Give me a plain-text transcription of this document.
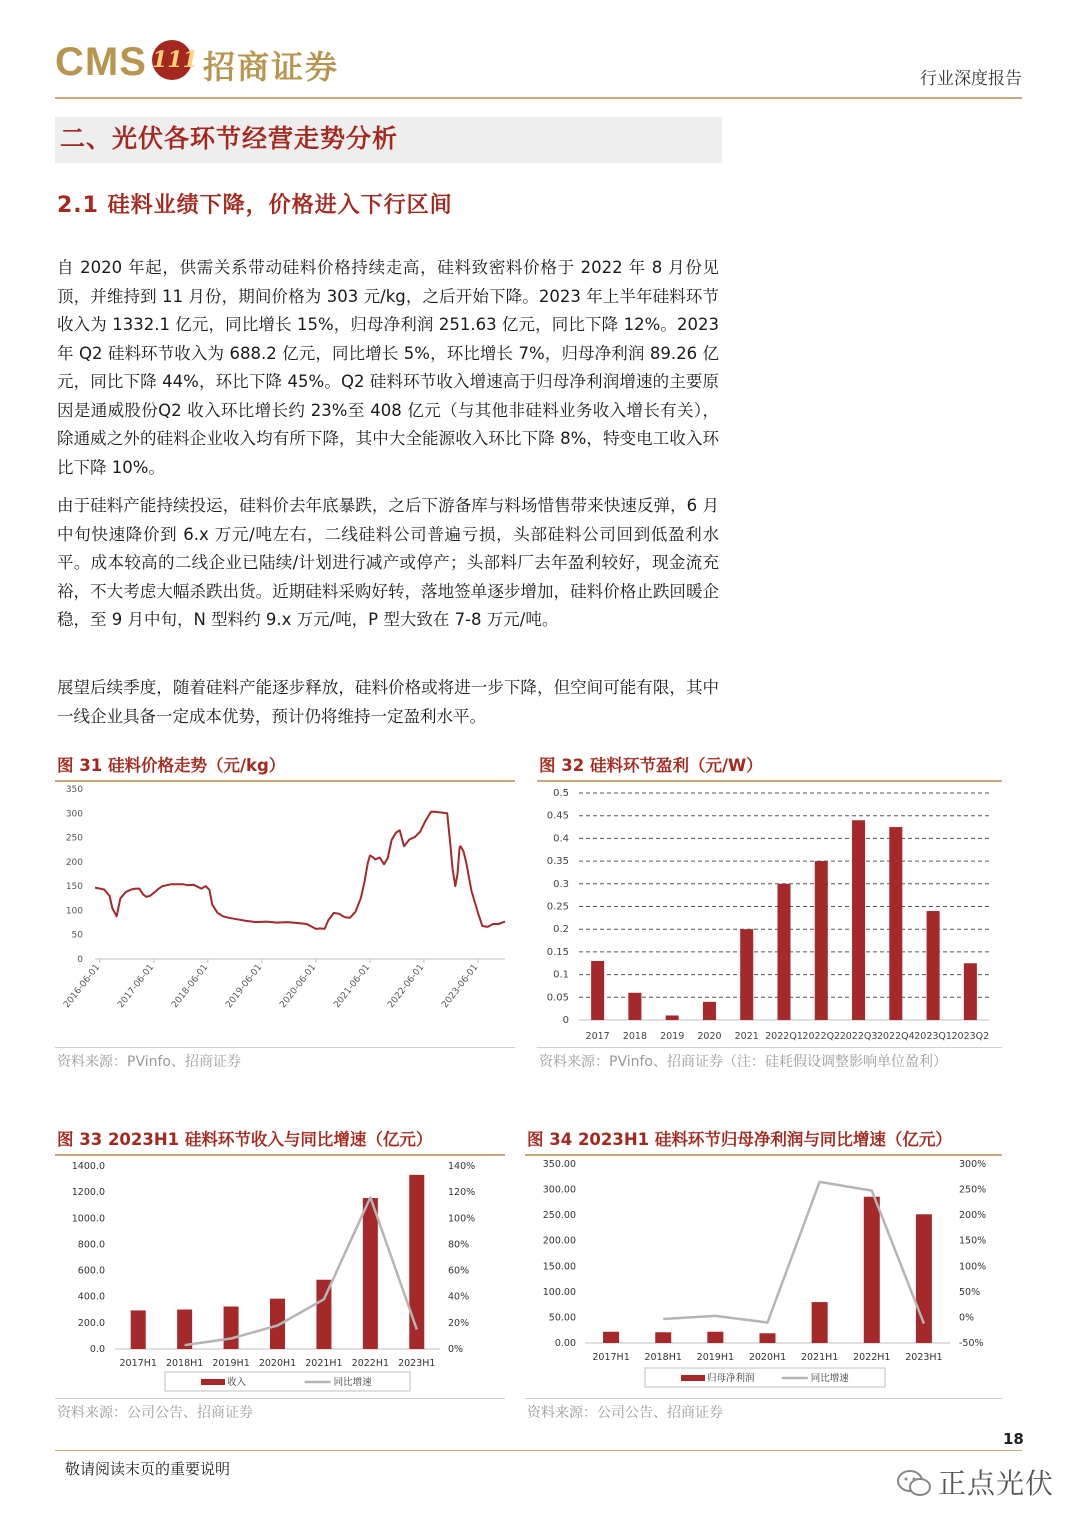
CMS 111 招商证券	行业深度报告
二、光伏各环节经营走势分析
2.1 硅料业绩下降，价格进入下行区间

自 2020 年起，供需关系带动硅料价格持续走高，硅料致密料价格于 2022 年 8 月份见顶，并维持到 11 月份，期间价格为 303 元/kg，之后开始下降。2023 年上半年硅料环节收入为 1332.1 亿元，同比增长 15%，归母净利润 251.63 亿元，同比下降 12%。2023 年 Q2 硅料环节收入为 688.2 亿元，同比增长 5%，环比增长 7%，归母净利润 89.26 亿元，同比下降 44%，环比下降 45%。Q2 硅料环节收入增速高于归母净利润增速的主要原因是通威股份Q2 收入环比增长约 23%至 408 亿元（与其他非硅料业务收入增长有关），除通威之外的硅料企业收入均有所下降，其中大全能源收入环比下降 8%，特变电工收入环比下降 10%。

由于硅料产能持续投运，硅料价去年底暴跌，之后下游备库与料场惜售带来快速反弹，6 月中旬快速降价到 6.x 万元/吨左右，二线硅料公司普遍亏损，头部硅料公司回到低盈利水平。成本较高的二线企业已陆续/计划进行减产或停产；头部料厂去年盈利较好，现金流充裕，不大考虑大幅杀跌出货。近期硅料采购好转，落地签单逐步增加，硅料价格止跌回暖企稳，至 9 月中旬，N 型料约 9.x 万元/吨，P 型大致在 7-8 万元/吨。

展望后续季度，随着硅料产能逐步释放，硅料价格或将进一步下降，但空间可能有限，其中一线企业具备一定成本优势，预计仍将维持一定盈利水平。

图 31 硅料价格走势（元/kg）
0
50
100
150
200
250
300
350
2016-06-01 2017-06-01 2018-06-01 2019-06-01 2020-06-01 2021-06-01 2022-06-01 2023-06-01
资料来源：PVinfo、招商证券
图 32 硅料环节盈利（元/W）
0
0.05
0.1
0.15
0.2
0.25
0.3
0.35
0.4
0.45
0.5
2017 2018 2019 2020 2021 2022Q1 2022Q2 2022Q3 2022Q4 2023Q1 2023Q2
资料来源：PVinfo、招商证券（注：硅耗假设调整影响单位盈利）
图 33 2023H1 硅料环节收入与同比增速（亿元）
0.0
200.0
400.0
600.0
800.0
1000.0
1200.0
1400.0
0%
20%
40%
60%
80%
100%
120%
140%
2017H1 2018H1 2019H1 2020H1 2021H1 2022H1 2023H1
收入	同比增速
资料来源：公司公告、招商证券
图 34 2023H1 硅料环节归母净利润与同比增速（亿元）
0.00
50.00
100.00
150.00
200.00
250.00
300.00
350.00
-50%
0%
50%
100%
150%
200%
250%
300%
2017H1 2018H1 2019H1 2020H1 2021H1 2022H1 2023H1
归母净利润	同比增速
资料来源：公司公告、招商证券
敬请阅读末页的重要说明
18
正点光伏
